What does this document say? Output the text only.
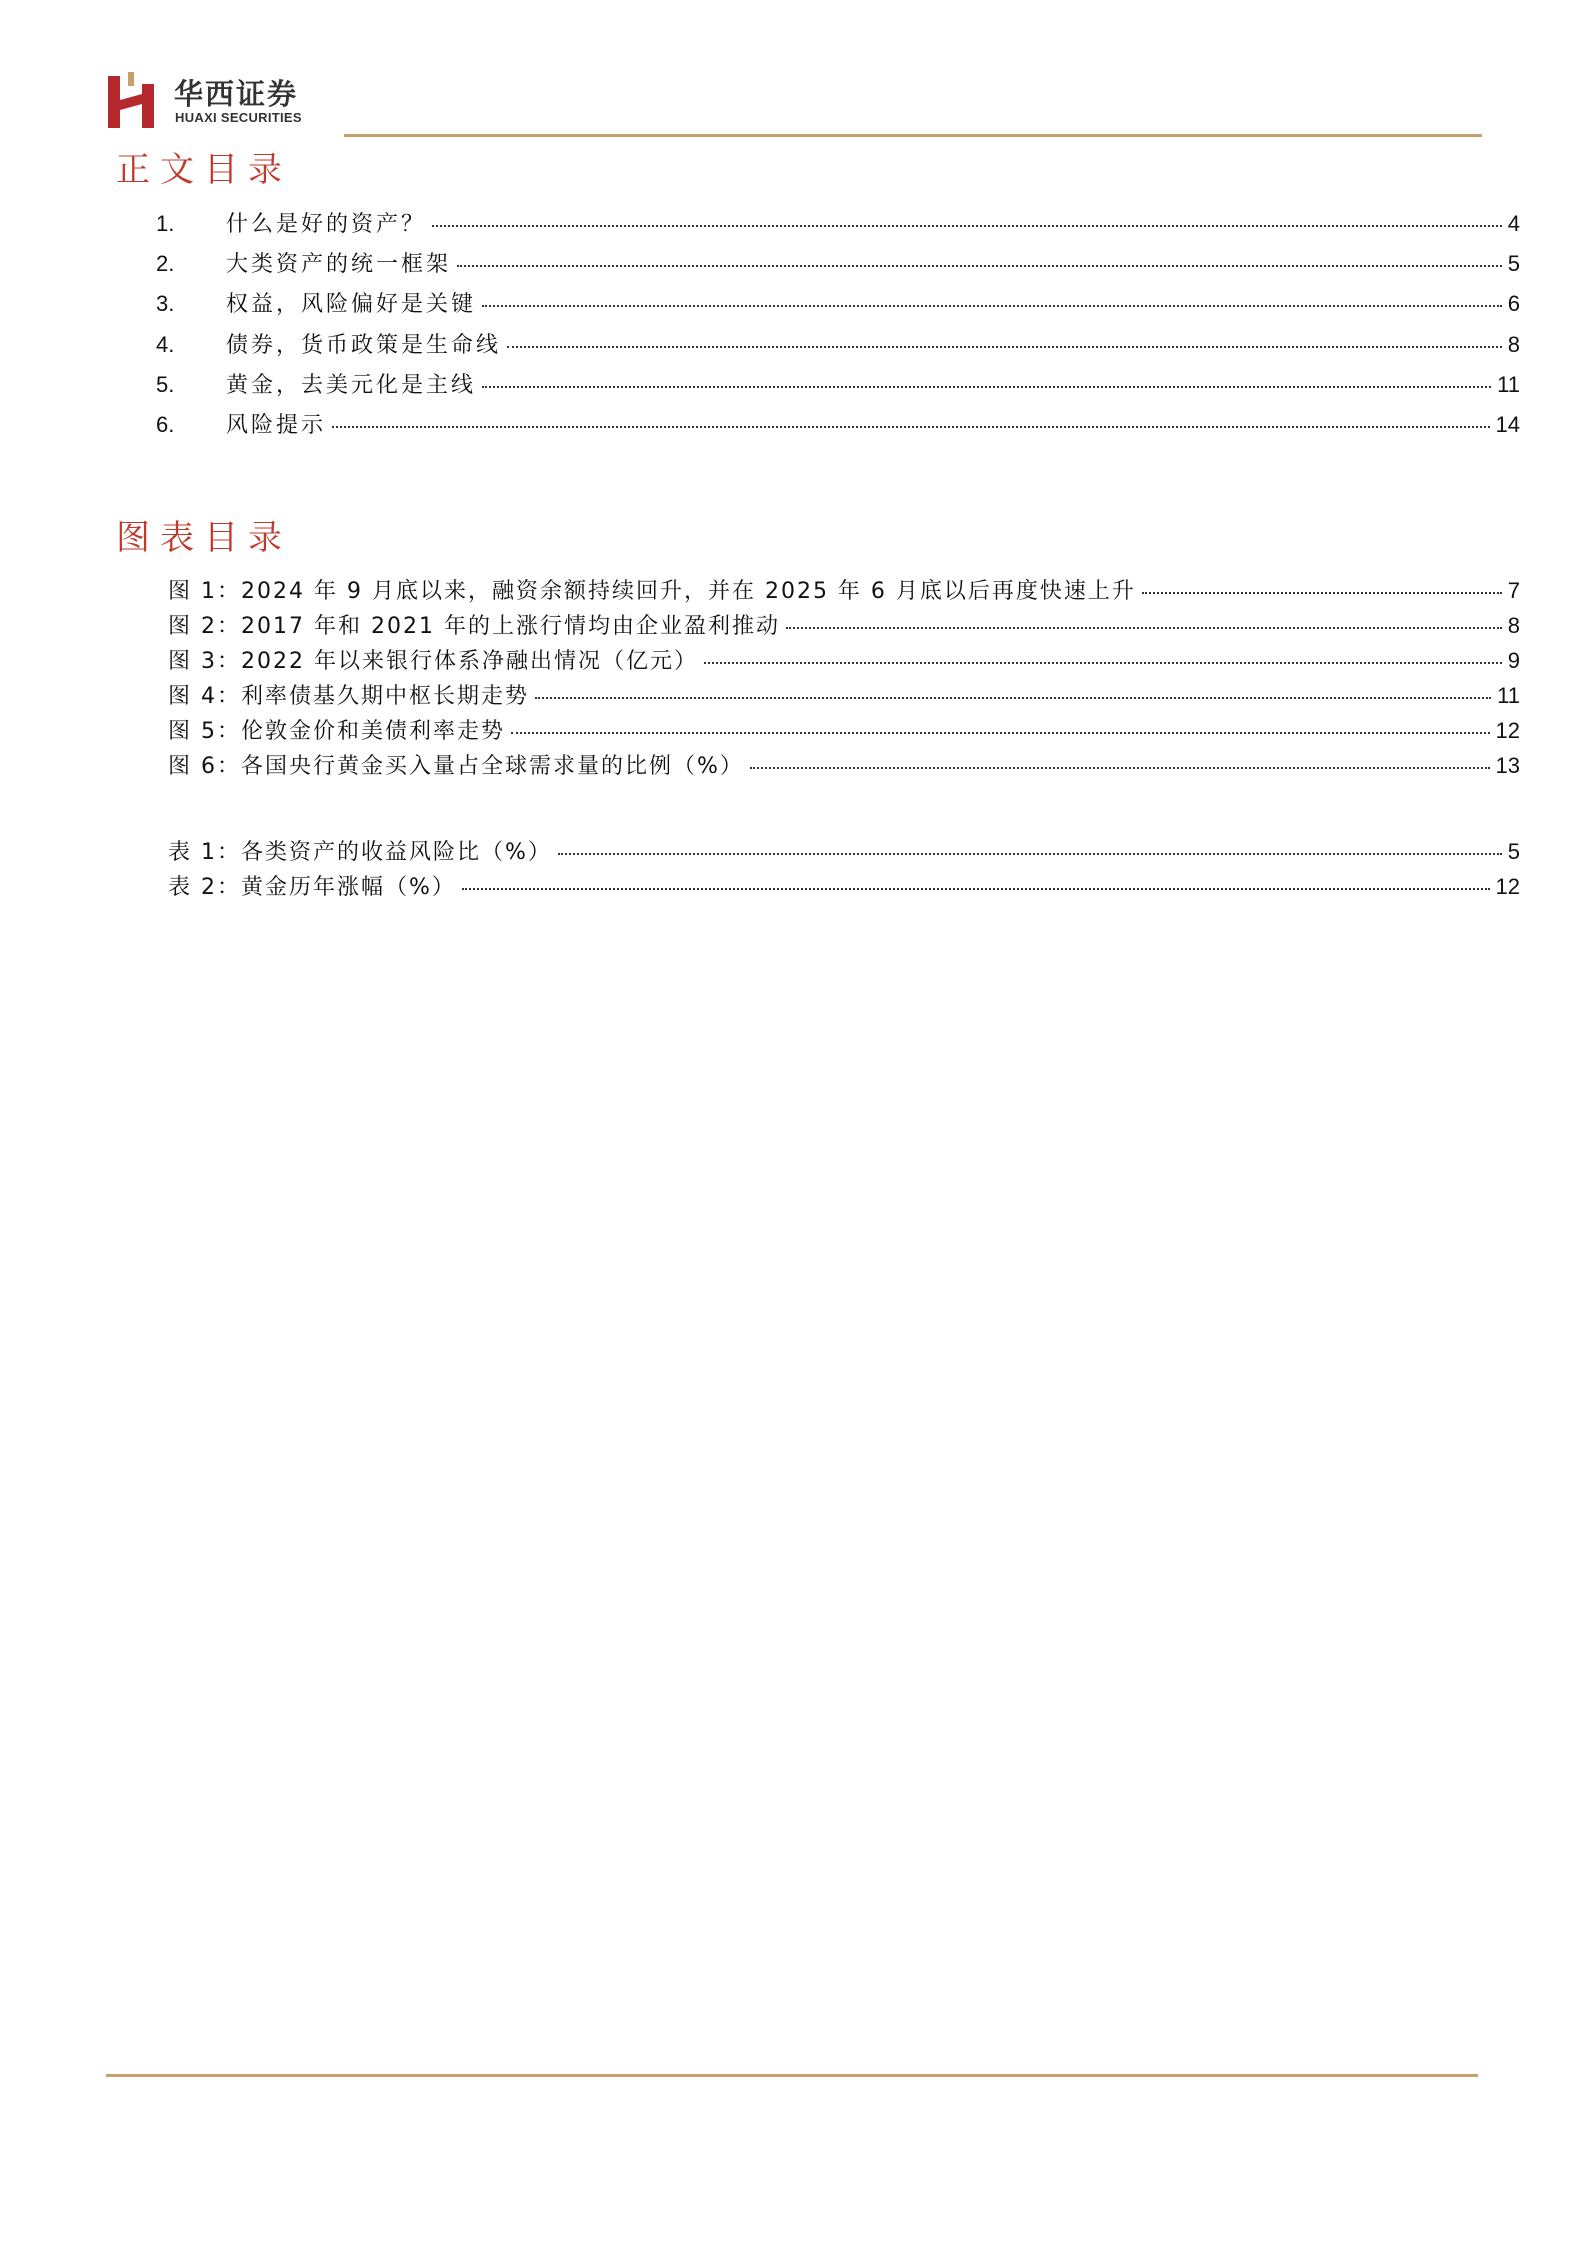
华西证券
HUAXI SECURITIES
正文目录
1.	什么是好的资产？	4
2.	大类资产的统一框架	5
3.	权益，风险偏好是关键	6
4.	债券，货币政策是生命线	8
5.	黄金，去美元化是主线	11
6.	风险提示	14
图表目录
图 1：2024 年 9 月底以来，融资余额持续回升，并在 2025 年 6 月底以后再度快速上升	7
图 2：2017 年和 2021 年的上涨行情均由企业盈利推动	8
图 3：2022 年以来银行体系净融出情况（亿元）	9
图 4：利率债基久期中枢长期走势	11
图 5：伦敦金价和美债利率走势	12
图 6：各国央行黄金买入量占全球需求量的比例（%）	13
表 1：各类资产的收益风险比（%）	5
表 2：黄金历年涨幅（%）	12
